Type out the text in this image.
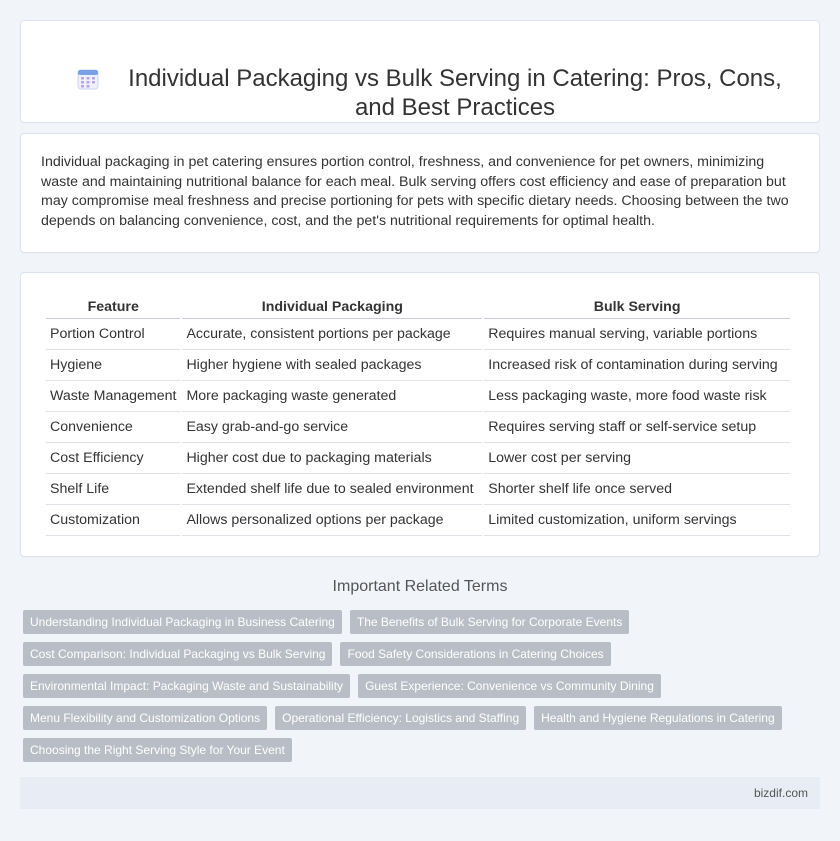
Individual Packaging vs Bulk Serving in Catering: Pros, Cons, and Best Practices

Individual packaging in pet catering ensures portion control, freshness, and convenience for pet owners, minimizing waste and maintaining nutritional balance for each meal. Bulk serving offers cost efficiency and ease of preparation but may compromise meal freshness and precise portioning for pets with specific dietary needs. Choosing between the two depends on balancing convenience, cost, and the pet's nutritional requirements for optimal health.

Feature	Individual Packaging	Bulk Serving
Portion Control	Accurate, consistent portions per package	Requires manual serving, variable portions
Hygiene	Higher hygiene with sealed packages	Increased risk of contamination during serving
Waste Management	More packaging waste generated	Less packaging waste, more food waste risk
Convenience	Easy grab-and-go service	Requires serving staff or self-service setup
Cost Efficiency	Higher cost due to packaging materials	Lower cost per serving
Shelf Life	Extended shelf life due to sealed environment	Shorter shelf life once served
Customization	Allows personalized options per package	Limited customization, uniform servings
Important Related Terms
Understanding Individual Packaging in Business Catering	The Benefits of Bulk Serving for Corporate Events
Cost Comparison: Individual Packaging vs Bulk Serving	Food Safety Considerations in Catering Choices
Environmental Impact: Packaging Waste and Sustainability	Guest Experience: Convenience vs Community Dining
Menu Flexibility and Customization Options	Operational Efficiency: Logistics and Staffing	Health and Hygiene Regulations in Catering
Choosing the Right Serving Style for Your Event
bizdif.com
